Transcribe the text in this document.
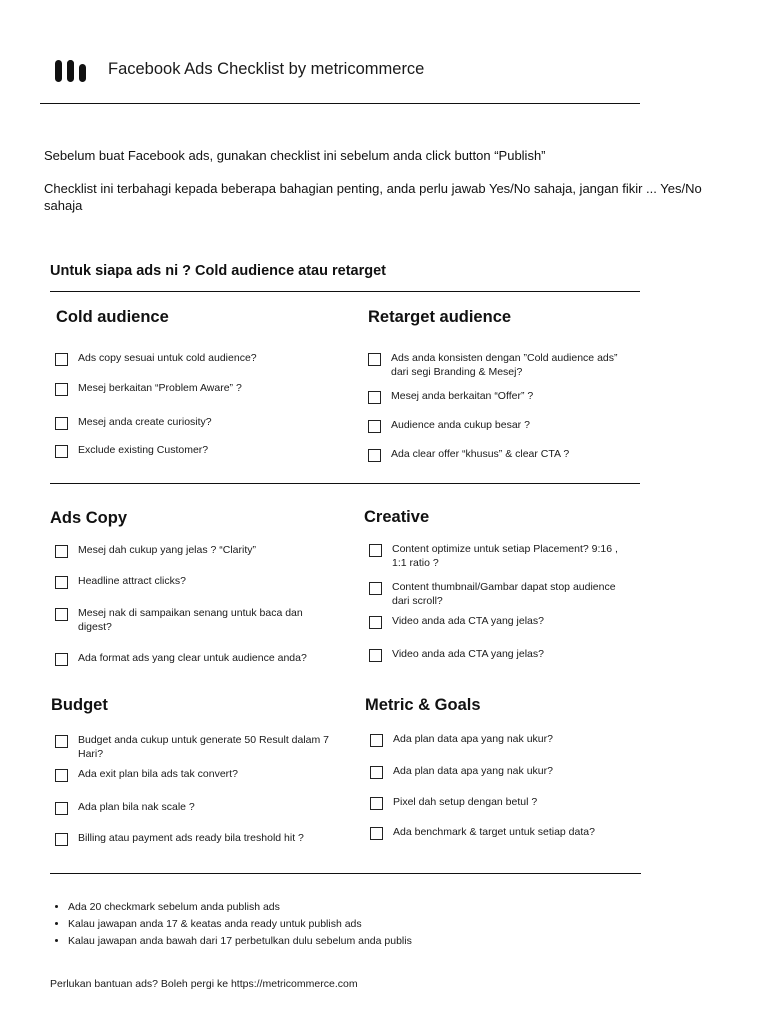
Facebook Ads Checklist by metricommerce
Sebelum buat Facebook ads, gunakan checklist ini sebelum anda click button “Publish”
Checklist ini terbahagi kepada beberapa bahagian penting, anda perlu jawab Yes/No sahaja, jangan fikir ... Yes/No sahaja
Untuk siapa ads ni ? Cold audience atau retarget
Cold audience
Ads copy sesuai untuk cold audience?
Mesej berkaitan “Problem Aware” ?
Mesej anda create curiosity?
Exclude existing Customer?
Retarget audience
Ads anda konsisten dengan ”Cold audience ads” dari segi Branding & Mesej?
Mesej anda berkaitan “Offer” ?
Audience anda cukup besar ?
Ada clear offer “khusus” & clear CTA ?
Ads Copy
Mesej dah cukup yang jelas ? “Clarity”
Headline attract clicks?
Mesej nak di sampaikan senang untuk baca dan digest?
Ada format ads yang clear untuk audience anda?
Creative
Content optimize untuk setiap Placement? 9:16 , 1:1 ratio ?
Content thumbnail/Gambar dapat stop audience dari scroll?
Video anda ada CTA yang jelas?
Video anda ada CTA yang jelas?
Budget
Budget anda cukup untuk generate 50 Result dalam 7 Hari?
Ada exit plan bila ads tak convert?
Ada plan bila nak scale ?
Billing atau payment ads ready bila treshold hit ?
Metric & Goals
Ada plan data apa yang nak ukur?
Ada plan data apa yang nak ukur?
Pixel dah setup dengan betul ?
Ada benchmark & target untuk setiap data?
• Ada 20 checkmark sebelum anda publish ads
• Kalau jawapan anda 17 & keatas anda ready untuk publish ads
• Kalau jawapan anda bawah dari 17 perbetulkan dulu sebelum anda publis
Perlukan bantuan ads? Boleh pergi ke https://metricommerce.com
